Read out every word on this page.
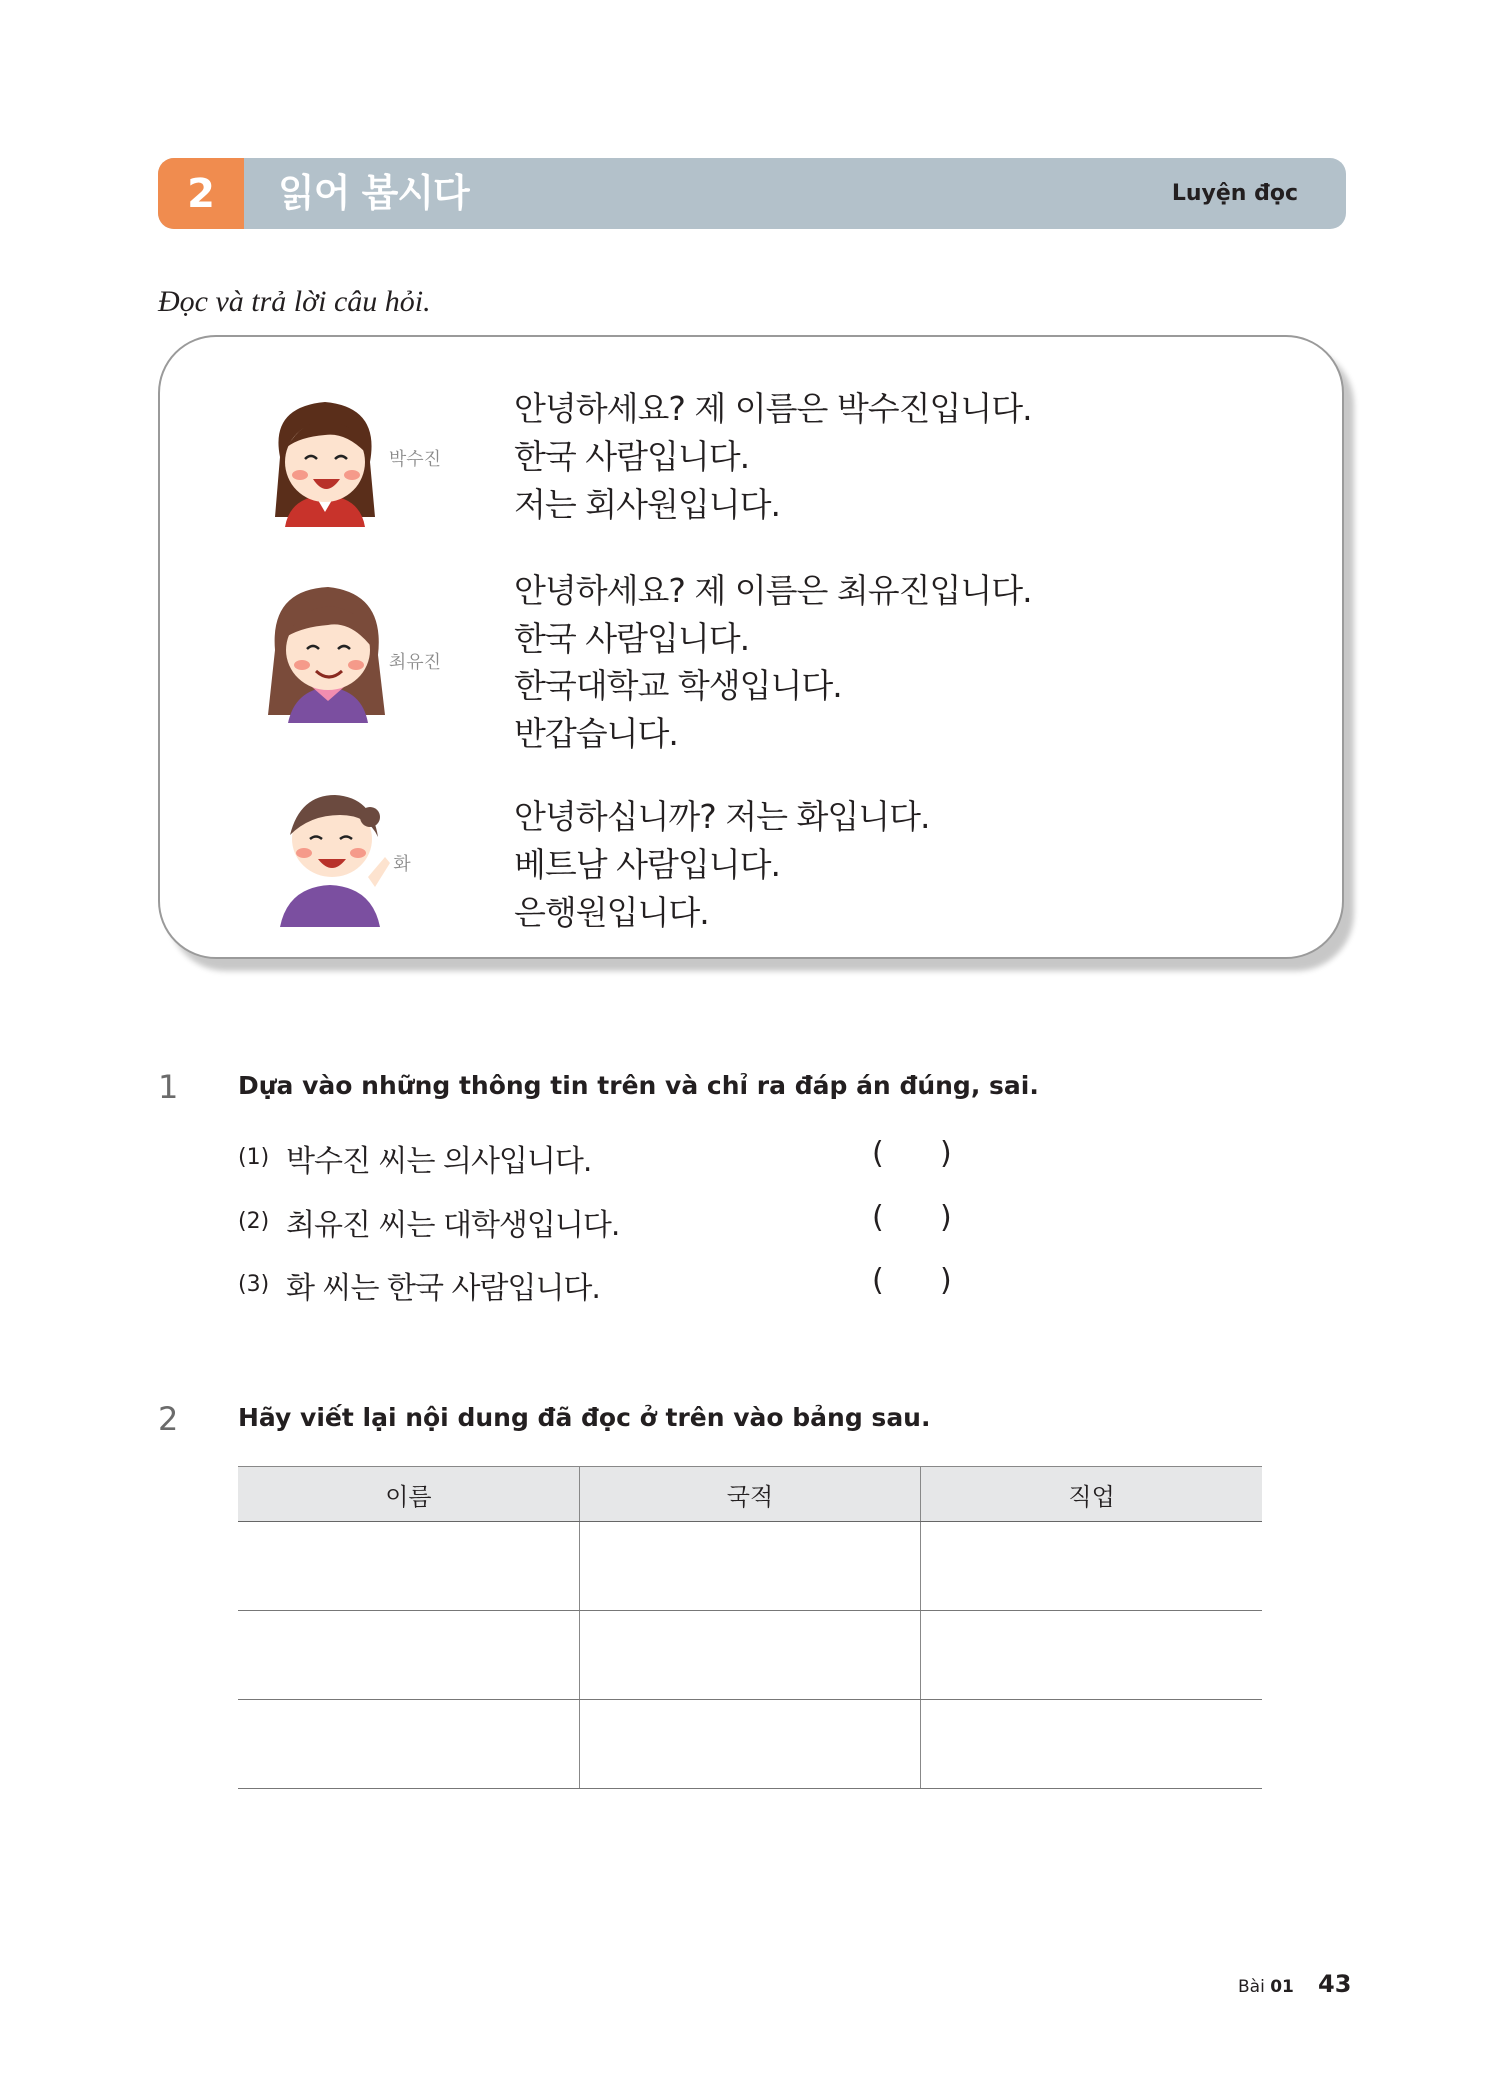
2	읽어 봅시다	Luyện đọc
Đọc và trả lời câu hỏi.
박수진
안녕하세요? 제 이름은 박수진입니다.
한국 사람입니다.
저는 회사원입니다.
최유진
안녕하세요? 제 이름은 최유진입니다.
한국 사람입니다.
한국대학교 학생입니다.
반갑습니다.
화
안녕하십니까? 저는 화입니다.
베트남 사람입니다.
은행원입니다.
1 Dựa vào những thông tin trên và chỉ ra đáp án đúng, sai.
(1) 박수진 씨는 의사입니다.	( )
(2) 최유진 씨는 대학생입니다.	( )
(3) 화 씨는 한국 사람입니다.	( )
2 Hãy viết lại nội dung đã đọc ở trên vào bảng sau.
이름	국적	직업

Bài 01 43
